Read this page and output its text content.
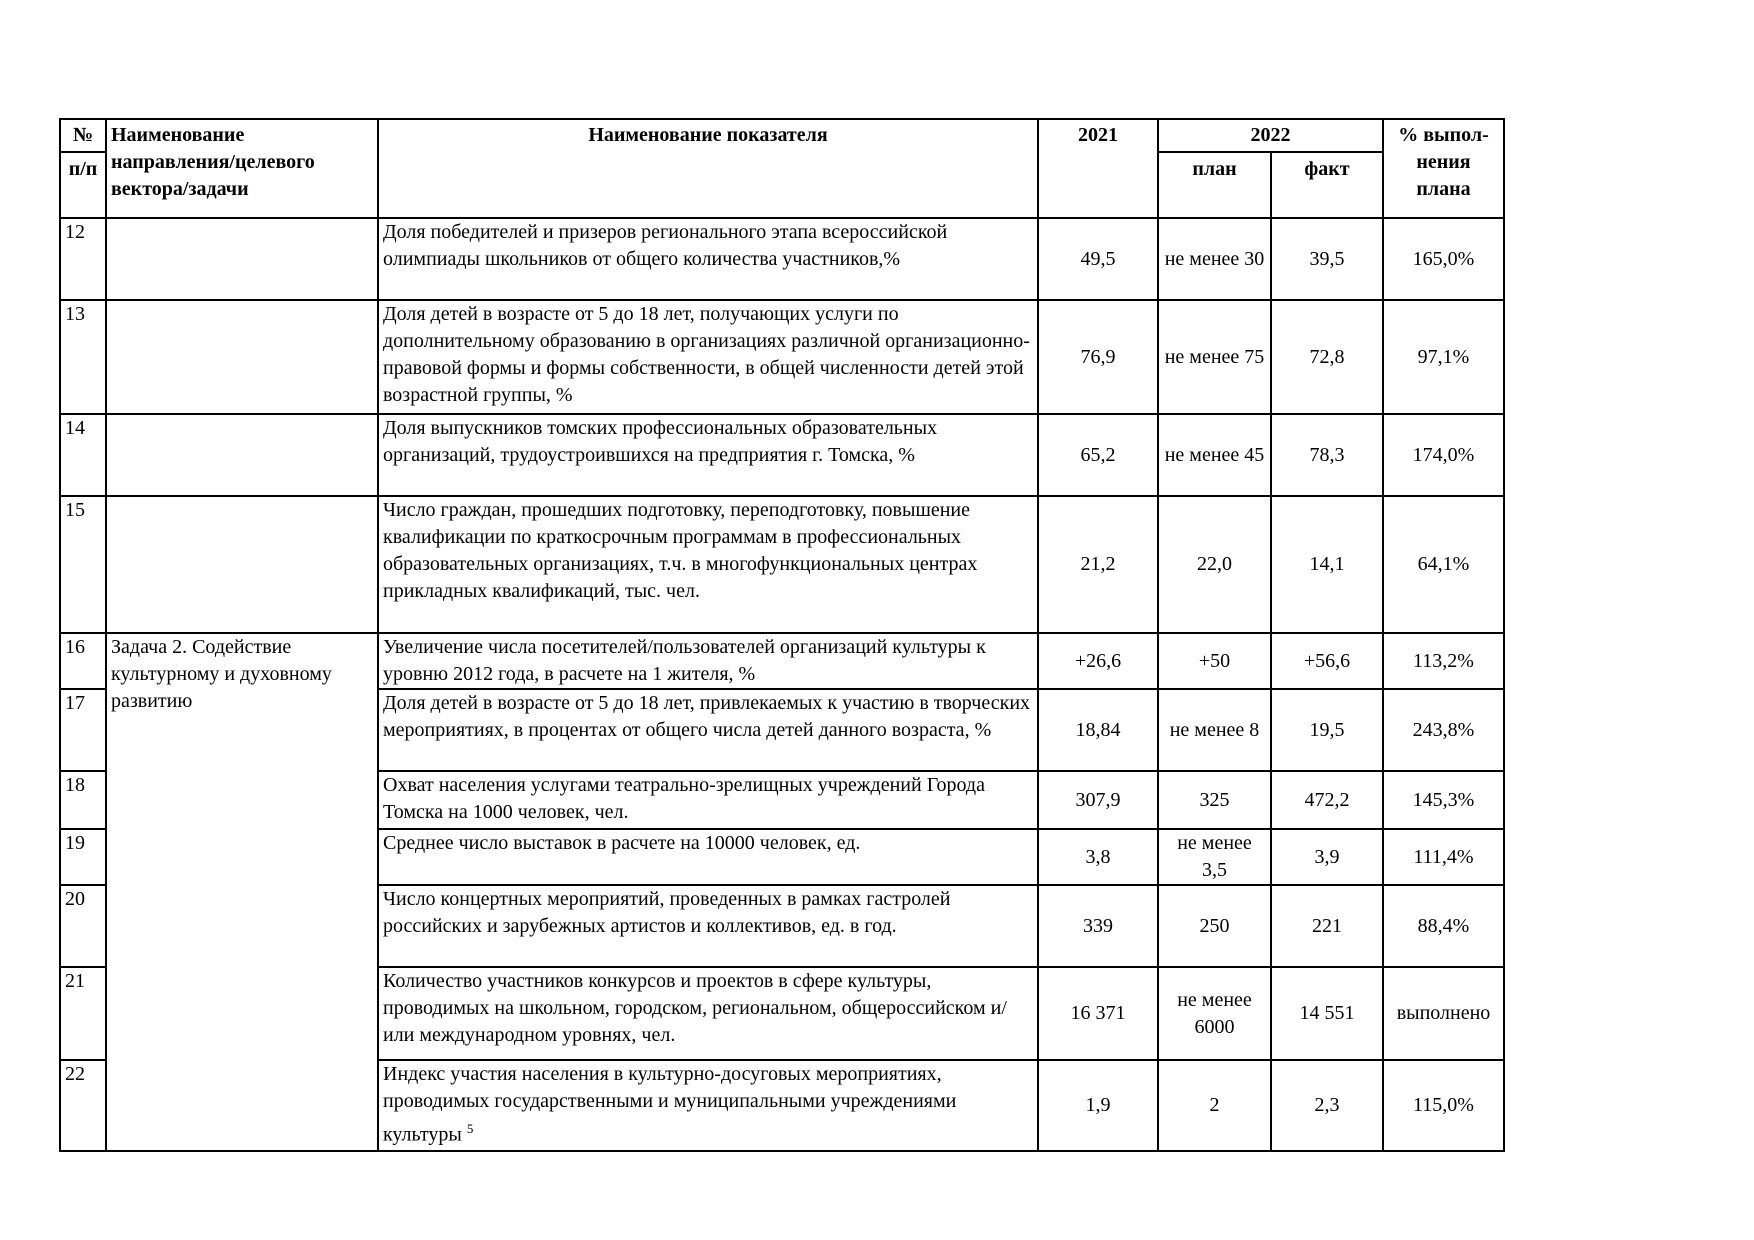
№	Наименование направления/целевого вектора/задачи	Наименование показателя	2021	2022		% выпол-нения плана
п/п				план	факт	
12		Доля победителей и призеров регионального этапа всероссийской олимпиады школьников от общего количества участников,%	49,5	не менее 30	39,5	165,0%
13		Доля детей в возрасте от 5 до 18 лет, получающих услуги по дополнительному образованию в организациях различной организационно-правовой формы и формы собственности, в общей численности детей этой возрастной группы, %	76,9	не менее 75	72,8	97,1%
14		Доля выпускников томских профессиональных образовательных организаций, трудоустроившихся на предприятия г. Томска, %	65,2	не менее 45	78,3	174,0%
15		Число граждан, прошедших подготовку, переподготовку, повышение квалификации по краткосрочным программам в профессиональных образовательных организациях, т.ч. в многофункциональных центрах прикладных квалификаций, тыс. чел.	21,2	22,0	14,1	64,1%
16	Задача 2. Содействие культурному и духовному развитию	Увеличение числа посетителей/пользователей организаций культуры к уровню 2012 года, в расчете на 1 жителя, %	+26,6	+50	+56,6	113,2%
17		Доля детей в возрасте от 5 до 18 лет, привлекаемых к участию в творческих мероприятиях, в процентах от общего числа детей данного возраста, %	18,84	не менее 8	19,5	243,8%
18		Охват населения услугами театрально-зрелищных учреждений Города Томска на 1000 человек, чел.	307,9	325	472,2	145,3%
19		Среднее число выставок в расчете на 10000 человек, ед.	3,8	не менее 3,5	3,9	111,4%
20		Число концертных мероприятий, проведенных в рамках гастролей российских и зарубежных артистов и коллективов, ед. в год.	339	250	221	88,4%
21		Количество участников конкурсов и проектов в сфере культуры, проводимых на школьном, городском, региональном, общероссийском и/или международном уровнях, чел.	16 371	не менее 6000	14 551	выполнено
22		Индекс участия населения в культурно-досуговых мероприятиях, проводимых государственными и муниципальными учреждениями культуры $^5$	1,9	2	2,3	115,0%
